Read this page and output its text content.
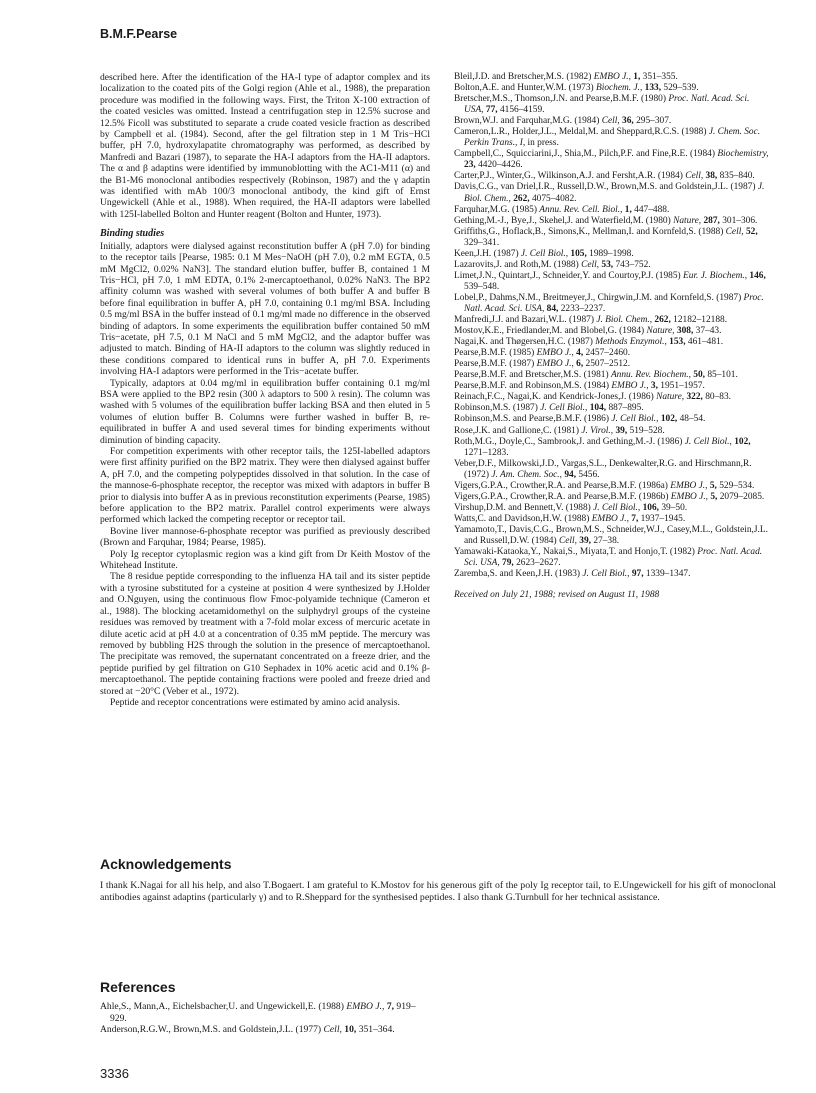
B.M.F.Pearse

described here. After the identification of the HA-I type of adaptor complex and its localization to the coated pits of the Golgi region (Ahle et al., 1988), the preparation procedure was modified in the following ways. First, the Triton X-100 extraction of the coated vesicles was omitted. Instead a centrifugation step in 12.5% sucrose and 12.5% Ficoll was substituted to separate a crude coated vesicle fraction as described by Campbell et al. (1984). Second, after the gel filtration step in 1 M Tris−HCl buffer, pH 7.0, hydroxylapatite chromatography was performed, as described by Manfredi and Bazari (1987), to separate the HA-I adaptors from the HA-II adaptors. The α and β adaptins were identified by immunoblotting with the AC1-M11 (α) and the B1-M6 monoclonal antibodies respectively (Robinson, 1987) and the γ adaptin was identified with mAb 100/3 monoclonal antibody, the kind gift of Ernst Ungewickell (Ahle et al., 1988). When required, the HA-II adaptors were labelled with 125I-labelled Bolton and Hunter reagent (Bolton and Hunter, 1973).

Binding studies

Initially, adaptors were dialysed against reconstitution buffer A (pH 7.0) for binding to the receptor tails [Pearse, 1985: 0.1 M Mes−NaOH (pH 7.0), 0.2 mM EGTA, 0.5 mM MgCl2, 0.02% NaN3]. The standard elution buffer, buffer B, contained 1 M Tris−HCl, pH 7.0, 1 mM EDTA, 0.1% 2-mercaptoethanol, 0.02% NaN3. The BP2 affinity column was washed with several volumes of both buffer A and buffer B before final equilibration in buffer A, pH 7.0, containing 0.1 mg/ml BSA. Including 0.5 mg/ml BSA in the buffer instead of 0.1 mg/ml made no difference in the observed binding of adaptors. In some experiments the equilibration buffer contained 50 mM Tris−acetate, pH 7.5, 0.1 M NaCl and 5 mM MgCl2, and the adaptor buffer was adjusted to match. Binding of HA-II adaptors to the column was slightly reduced in these conditions compared to identical runs in buffer A, pH 7.0. Experiments involving HA-I adaptors were performed in the Tris−acetate buffer.

Typically, adaptors at 0.04 mg/ml in equilibration buffer containing 0.1 mg/ml BSA were applied to the BP2 resin (300 λ adaptors to 500 λ resin). The column was washed with 5 volumes of the equilibration buffer lacking BSA and then eluted in 5 volumes of elution buffer B. Columns were further washed in buffer B, re-equilibrated in buffer A and used several times for binding experiments without diminution of binding capacity.

For competition experiments with other receptor tails, the 125I-labelled adaptors were first affinity purified on the BP2 matrix. They were then dialysed against buffer A, pH 7.0, and the competing polypeptides dissolved in that solution. In the case of the mannose-6-phosphate receptor, the receptor was mixed with adaptors in buffer B prior to dialysis into buffer A as in previous reconstitution experiments (Pearse, 1985) before application to the BP2 matrix. Parallel control experiments were always performed which lacked the competing receptor or receptor tail.

Bovine liver mannose-6-phosphate receptor was purified as previously described (Brown and Farquhar, 1984; Pearse, 1985).

Poly Ig receptor cytoplasmic region was a kind gift from Dr Keith Mostov of the Whitehead Institute.

The 8 residue peptide corresponding to the influenza HA tail and its sister peptide with a tyrosine substituted for a cysteine at position 4 were synthesized by J.Holder and O.Nguyen, using the continuous flow Fmoc-polyamide technique (Cameron et al., 1988). The blocking acetamidomethyl on the sulphydryl groups of the cysteine residues was removed by treatment with a 7-fold molar excess of mercuric acetate in dilute acetic acid at pH 4.0 at a concentration of 0.35 mM peptide. The mercury was removed by bubbling H2S through the solution in the presence of mercaptoethanol. The precipitate was removed, the supernatant concentrated on a freeze drier, and the peptide purified by gel filtration on G10 Sephadex in 10% acetic acid and 0.1% β-mercaptoethanol. The peptide containing fractions were pooled and freeze dried and stored at −20°C (Veber et al., 1972).

Peptide and receptor concentrations were estimated by amino acid analysis.

Bleil,J.D. and Bretscher,M.S. (1982) EMBO J., 1, 351–355.
Bolton,A.E. and Hunter,W.M. (1973) Biochem. J., 133, 529–539.
Bretscher,M.S., Thomson,J.N. and Pearse,B.M.F. (1980) Proc. Natl. Acad. Sci. USA, 77, 4156–4159.
Brown,W.J. and Farquhar,M.G. (1984) Cell, 36, 295–307.
Cameron,L.R., Holder,J.L., Meldal,M. and Sheppard,R.C.S. (1988) J. Chem. Soc. Perkin Trans., I, in press.
Campbell,C., Squicciarini,J., Shia,M., Pilch,P.F. and Fine,R.E. (1984) Biochemistry, 23, 4420–4426.
Carter,P.J., Winter,G., Wilkinson,A.J. and Fersht,A.R. (1984) Cell, 38, 835–840.
Davis,C.G., van Driel,I.R., Russell,D.W., Brown,M.S. and Goldstein,J.L. (1987) J. Biol. Chem., 262, 4075–4082.
Farquhar,M.G. (1985) Annu. Rev. Cell. Biol., 1, 447–488.
Gething,M.-J., Bye,J., Skehel,J. and Waterfield,M. (1980) Nature, 287, 301–306.
Griffiths,G., Hoflack,B., Simons,K., Mellman,I. and Kornfeld,S. (1988) Cell, 52, 329–341.
Keen,J.H. (1987) J. Cell Biol., 105, 1989–1998.
Lazarovits,J. and Roth,M. (1988) Cell, 53, 743–752.
Limet,J.N., Quintart,J., Schneider,Y. and Courtoy,P.J. (1985) Eur. J. Biochem., 146, 539–548.
Lobel,P., Dahms,N.M., Breitmeyer,J., Chirgwin,J.M. and Kornfeld,S. (1987) Proc. Natl. Acad. Sci. USA, 84, 2233–2237.
Manfredi,J.J. and Bazari,W.L. (1987) J. Biol. Chem., 262, 12182–12188.
Mostov,K.E., Friedlander,M. and Blobel,G. (1984) Nature, 308, 37–43.
Nagai,K. and Thøgersen,H.C. (1987) Methods Enzymol., 153, 461–481.
Pearse,B.M.F. (1985) EMBO J., 4, 2457–2460.
Pearse,B.M.F. (1987) EMBO J., 6, 2507–2512.
Pearse,B.M.F. and Bretscher,M.S. (1981) Annu. Rev. Biochem., 50, 85–101.
Pearse,B.M.F. and Robinson,M.S. (1984) EMBO J., 3, 1951–1957.
Reinach,F.C., Nagai,K. and Kendrick-Jones,J. (1986) Nature, 322, 80–83.
Robinson,M.S. (1987) J. Cell Biol., 104, 887–895.
Robinson,M.S. and Pearse,B.M.F. (1986) J. Cell Biol., 102, 48–54.
Rose,J.K. and Gallione,C. (1981) J. Virol., 39, 519–528.
Roth,M.G., Doyle,C., Sambrook,J. and Gething,M.-J. (1986) J. Cell Biol., 102, 1271–1283.
Veber,D.F., Milkowski,J.D., Vargas,S.L., Denkewalter,R.G. and Hirschmann,R. (1972) J. Am. Chem. Soc., 94, 5456.
Vigers,G.P.A., Crowther,R.A. and Pearse,B.M.F. (1986a) EMBO J., 5, 529–534.
Vigers,G.P.A., Crowther,R.A. and Pearse,B.M.F. (1986b) EMBO J., 5, 2079–2085.
Virshup,D.M. and Bennett,V. (1988) J. Cell Biol., 106, 39–50.
Watts,C. and Davidson,H.W. (1988) EMBO J., 7, 1937–1945.
Yamamoto,T., Davis,C.G., Brown,M.S., Schneider,W.J., Casey,M.L., Goldstein,J.L. and Russell,D.W. (1984) Cell, 39, 27–38.
Yamawaki-Kataoka,Y., Nakai,S., Miyata,T. and Honjo,T. (1982) Proc. Natl. Acad. Sci. USA, 79, 2623–2627.
Zaremba,S. and Keen,J.H. (1983) J. Cell Biol., 97, 1339–1347.
Received on July 21, 1988; revised on August 11, 1988
Acknowledgements
I thank K.Nagai for all his help, and also T.Bogaert. I am grateful to K.Mostov for his generous gift of the poly Ig receptor tail, to E.Ungewickell for his gift of monoclonal antibodies against adaptins (particularly γ) and to R.Sheppard for the synthesised peptides. I also thank G.Turnbull for her technical assistance.
References
Ahle,S., Mann,A., Eichelsbacher,U. and Ungewickell,E. (1988) EMBO J., 7, 919–929.
Anderson,R.G.W., Brown,M.S. and Goldstein,J.L. (1977) Cell, 10, 351–364.
3336
